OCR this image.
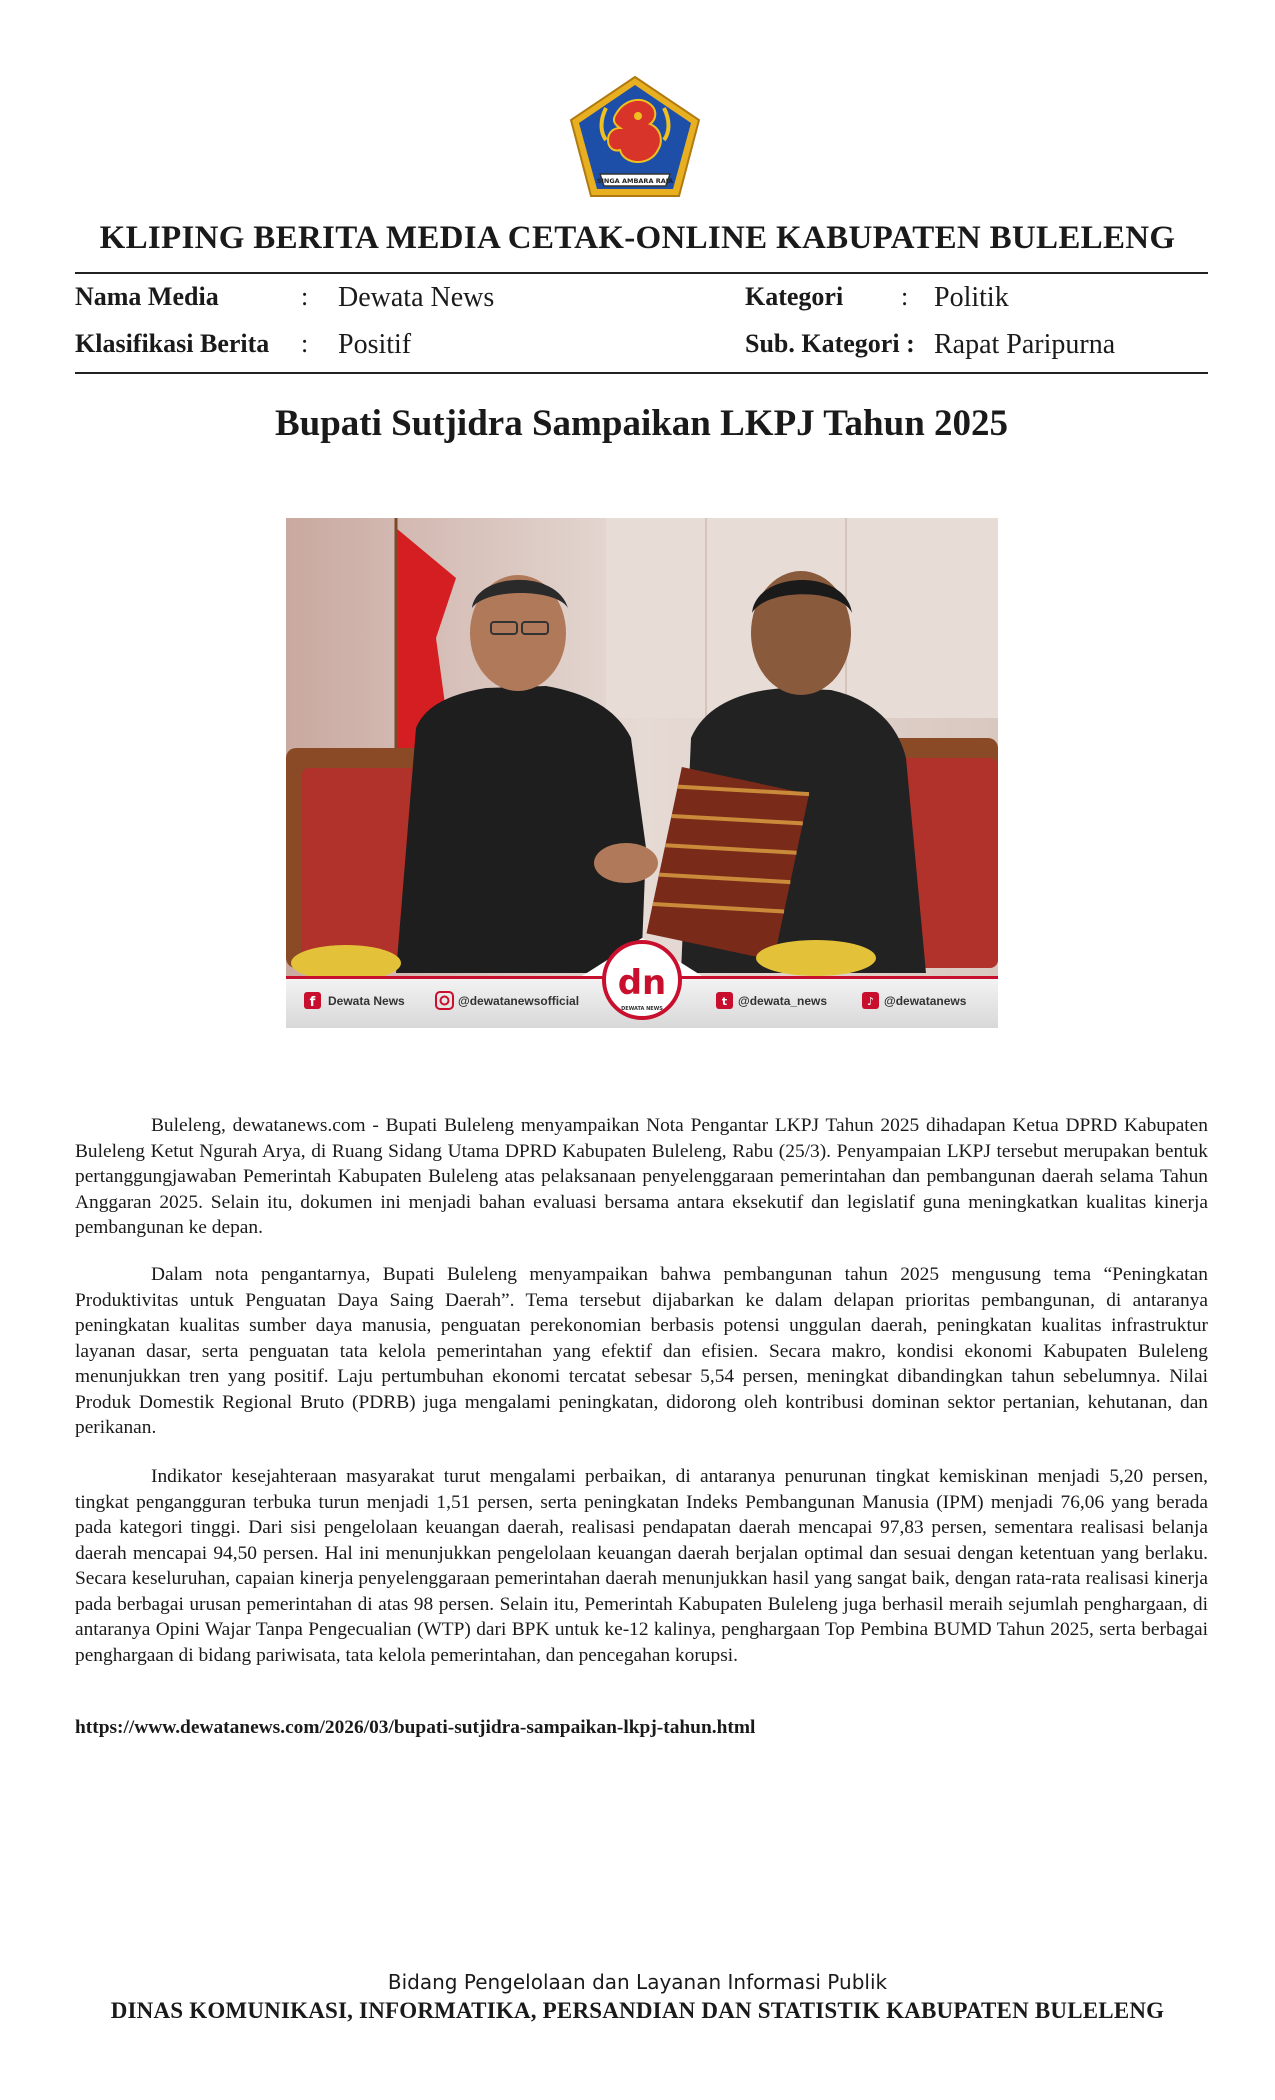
SINGA AMBARA RAJA
KLIPING BERITA MEDIA CETAK-ONLINE KABUPATEN BULELENG
Nama Media	: Dewata News
Klasifikasi Berita : Positif
Kategori : Politik
Sub. Kategori : Rapat Paripurna
Bupati Sutjidra Sampaikan LKPJ Tahun 2025
dn
DEWATA NEWS
f Dewata News	@dewatanewsofficial	t @dewata_news	♪ @dewatanews
Buleleng, dewatanews.com - Bupati Buleleng menyampaikan Nota Pengantar LKPJ Tahun 2025 dihadapan Ketua DPRD Kabupaten Buleleng Ketut Ngurah Arya, di Ruang Sidang Utama DPRD Kabupaten Buleleng, Rabu (25/3). Penyampaian LKPJ tersebut merupakan bentuk pertanggungjawaban Pemerintah Kabupaten Buleleng atas pelaksanaan penyelenggaraan pemerintahan dan pembangunan daerah selama Tahun Anggaran 2025. Selain itu, dokumen ini menjadi bahan evaluasi bersama antara eksekutif dan legislatif guna meningkatkan kualitas kinerja pembangunan ke depan.
Dalam nota pengantarnya, Bupati Buleleng menyampaikan bahwa pembangunan tahun 2025 mengusung tema “Peningkatan Produktivitas untuk Penguatan Daya Saing Daerah”. Tema tersebut dijabarkan ke dalam delapan prioritas pembangunan, di antaranya peningkatan kualitas sumber daya manusia, penguatan perekonomian berbasis potensi unggulan daerah, peningkatan kualitas infrastruktur layanan dasar, serta penguatan tata kelola pemerintahan yang efektif dan efisien. Secara makro, kondisi ekonomi Kabupaten Buleleng menunjukkan tren yang positif. Laju pertumbuhan ekonomi tercatat sebesar 5,54 persen, meningkat dibandingkan tahun sebelumnya. Nilai Produk Domestik Regional Bruto (PDRB) juga mengalami peningkatan, didorong oleh kontribusi dominan sektor pertanian, kehutanan, dan perikanan.
Indikator kesejahteraan masyarakat turut mengalami perbaikan, di antaranya penurunan tingkat kemiskinan menjadi 5,20 persen, tingkat pengangguran terbuka turun menjadi 1,51 persen, serta peningkatan Indeks Pembangunan Manusia (IPM) menjadi 76,06 yang berada pada kategori tinggi. Dari sisi pengelolaan keuangan daerah, realisasi pendapatan daerah mencapai 97,83 persen, sementara realisasi belanja daerah mencapai 94,50 persen. Hal ini menunjukkan pengelolaan keuangan daerah berjalan optimal dan sesuai dengan ketentuan yang berlaku. Secara keseluruhan, capaian kinerja penyelenggaraan pemerintahan daerah menunjukkan hasil yang sangat baik, dengan rata-rata realisasi kinerja pada berbagai urusan pemerintahan di atas 98 persen. Selain itu, Pemerintah Kabupaten Buleleng juga berhasil meraih sejumlah penghargaan, di antaranya Opini Wajar Tanpa Pengecualian (WTP) dari BPK untuk ke-12 kalinya, penghargaan Top Pembina BUMD Tahun 2025, serta berbagai penghargaan di bidang pariwisata, tata kelola pemerintahan, dan pencegahan korupsi.
https://www.dewatanews.com/2026/03/bupati-sutjidra-sampaikan-lkpj-tahun.html
Bidang Pengelolaan dan Layanan Informasi Publik
DINAS KOMUNIKASI, INFORMATIKA, PERSANDIAN DAN STATISTIK KABUPATEN BULELENG
